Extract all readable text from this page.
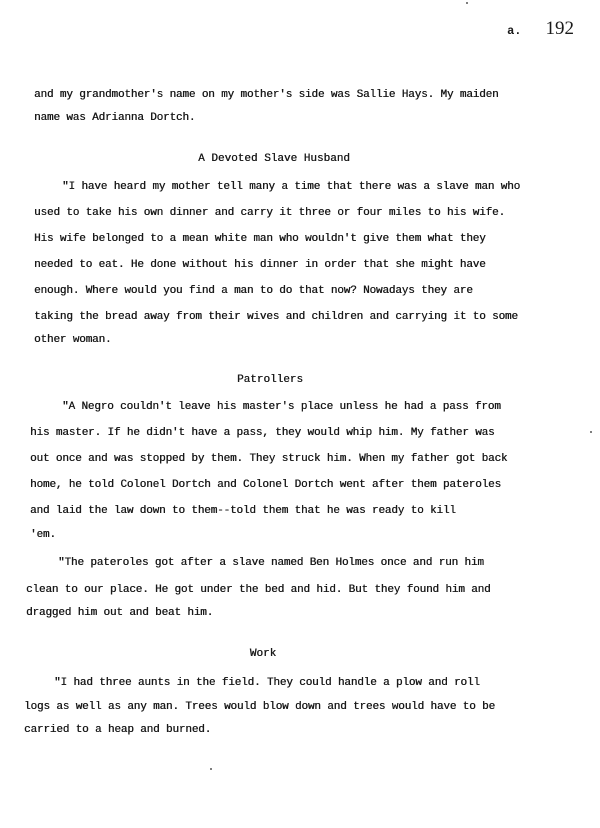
a. 192
and my grandmother's name on my mother's side was Sallie Hays. My maiden
name was Adrianna Dortch.
A Devoted Slave Husband
"I have heard my mother tell many a time that there was a slave man who
used to take his own dinner and carry it three or four miles to his wife.
His wife belonged to a mean white man who wouldn't give them what they
needed to eat. He done without his dinner in order that she might have
enough. Where would you find a man to do that now? Nowadays they are
taking the bread away from their wives and children and carrying it to some
other woman.
Patrollers
"A Negro couldn't leave his master's place unless he had a pass from
his master. If he didn't have a pass, they would whip him. My father was
out once and was stopped by them. They struck him. When my father got back
home, he told Colonel Dortch and Colonel Dortch went after them pateroles
and laid the law down to them--told them that he was ready to kill
'em.
"The pateroles got after a slave named Ben Holmes once and run him
clean to our place. He got under the bed and hid. But they found him and
dragged him out and beat him.
Work
"I had three aunts in the field. They could handle a plow and roll
logs as well as any man. Trees would blow down and trees would have to be
carried to a heap and burned.
